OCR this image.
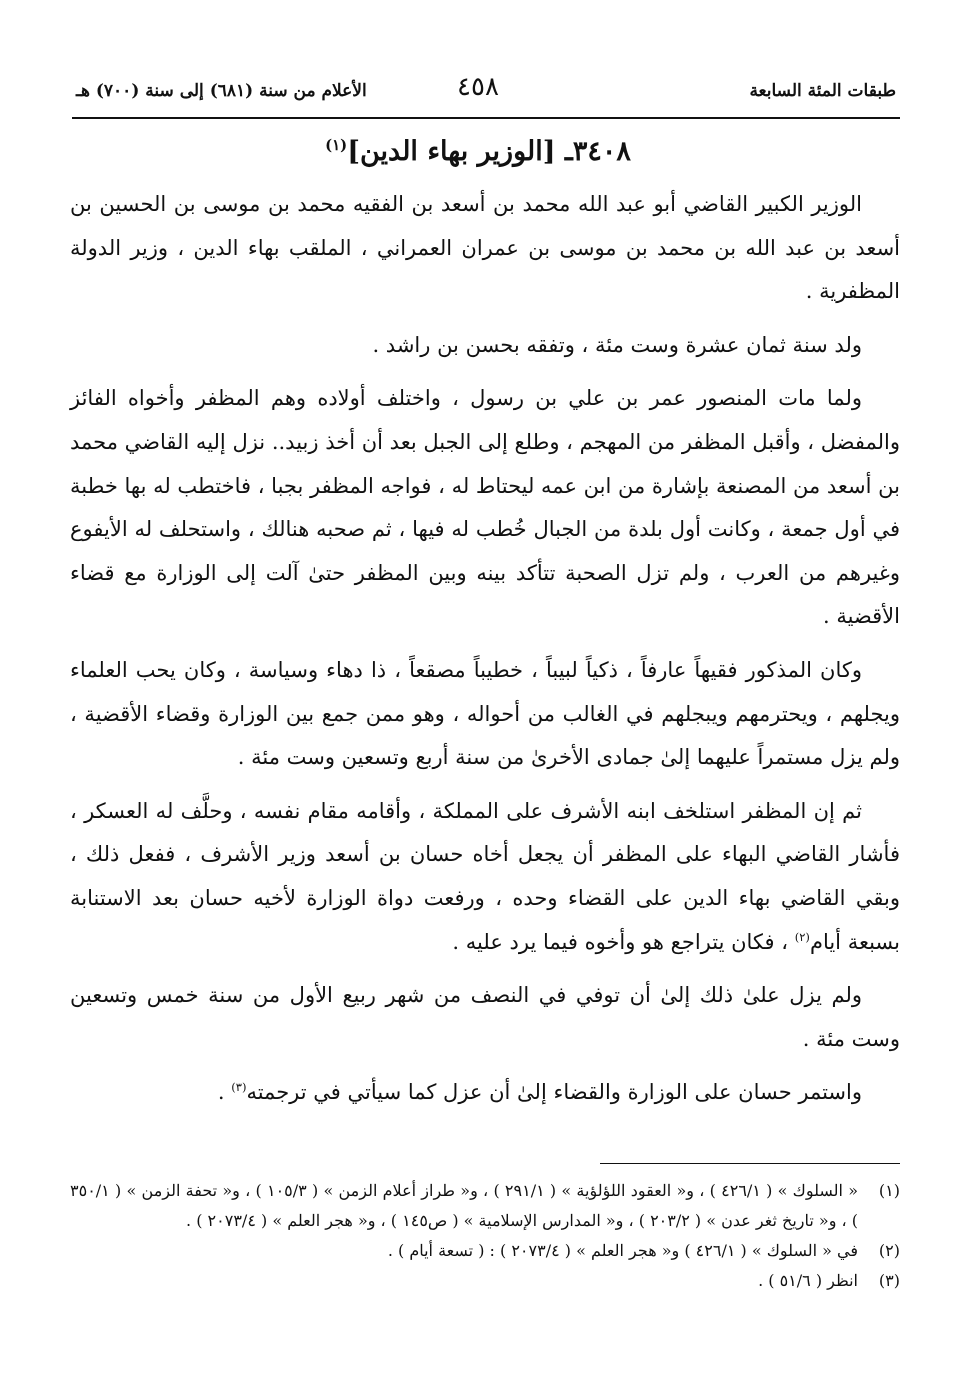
طبقات المئة السابعة
٤٥٨
الأعلام من سنة (٦٨١) إلى سنة (٧٠٠) هـ
٣٤٠٨ـ [الوزير بهاء الدين]$^{(١)}$

الوزير الكبير القاضي أبو عبد الله محمد بن أسعد بن الفقيه محمد بن موسى بن الحسين بن أسعد بن عبد الله بن محمد بن موسى بن عمران العمراني ، الملقب بهاء الدين ، وزير الدولة المظفرية .

ولد سنة ثمان عشرة وست مئة ، وتفقه بحسن بن راشد .

ولما مات المنصور عمر بن علي بن رسول ، واختلف أولاده وهم المظفر وأخواه الفائز والمفضل ، وأقبل المظفر من المهجم ، وطلع إلى الجبل بعد أن أخذ زبيد.. نزل إليه القاضي محمد بن أسعد من المصنعة بإشارة من ابن عمه ليحتاط له ، فواجه المظفر بجبا ، فاختطب له بها خطبة في أول جمعة ، وكانت أول بلدة من الجبال خُطب له فيها ، ثم صحبه هنالك ، واستحلف له الأيفوع وغيرهم من العرب ، ولم تزل الصحبة تتأكد بينه وبين المظفر حتىٰ آلت إلى الوزارة مع قضاء الأقضية .

وكان المذكور فقيهاً عارفاً ، ذكياً لبيباً ، خطيباً مصقعاً ، ذا دهاء وسياسة ، وكان يحب العلماء ويجلهم ، ويحترمهم ويبجلهم في الغالب من أحواله ، وهو ممن جمع بين الوزارة وقضاء الأقضية ، ولم يزل مستمراً عليهما إلىٰ جمادى الأخرىٰ من سنة أربع وتسعين وست مئة .

ثم إن المظفر استلخف ابنه الأشرف على المملكة ، وأقامه مقام نفسه ، وحلَّف له العسكر ، فأشار القاضي البهاء على المظفر أن يجعل أخاه حسان بن أسعد وزير الأشرف ، ففعل ذلك ، وبقي القاضي بهاء الدين على القضاء وحده ، ورفعت دواة الوزارة لأخيه حسان بعد الاستنابة بسبعة أيام$^{(٢)}$ ، فكان يتراجع هو وأخوه فيما يرد عليه .

ولم يزل علىٰ ذلك إلىٰ أن توفي في النصف من شهر ربيع الأول من سنة خمس وتسعين وست مئة .

واستمر حسان على الوزارة والقضاء إلىٰ أن عزل كما سيأتي في ترجمته$^{(٣)}$ .

(١)
« السلوك » ( ٤٢٦/١ ) ، و« العقود اللؤلؤية » ( ٢٩١/١ ) ، و« طراز أعلام الزمن » ( ١٠٥/٣ ) ، و« تحفة الزمن » ( ٣٥٠/١ ) ، و« تاريخ ثغر عدن » ( ٢٠٣/٢ ) ، و« المدارس الإسلامية » ( ص١٤٥ ) ، و« هجر العلم » ( ٢٠٧٣/٤ ) .
(٢)
في « السلوك » ( ٤٢٦/١ ) و« هجر العلم » ( ٢٠٧٣/٤ ) : ( تسعة أيام ) .
(٣)
انظر ( ٥١/٦ ) .
